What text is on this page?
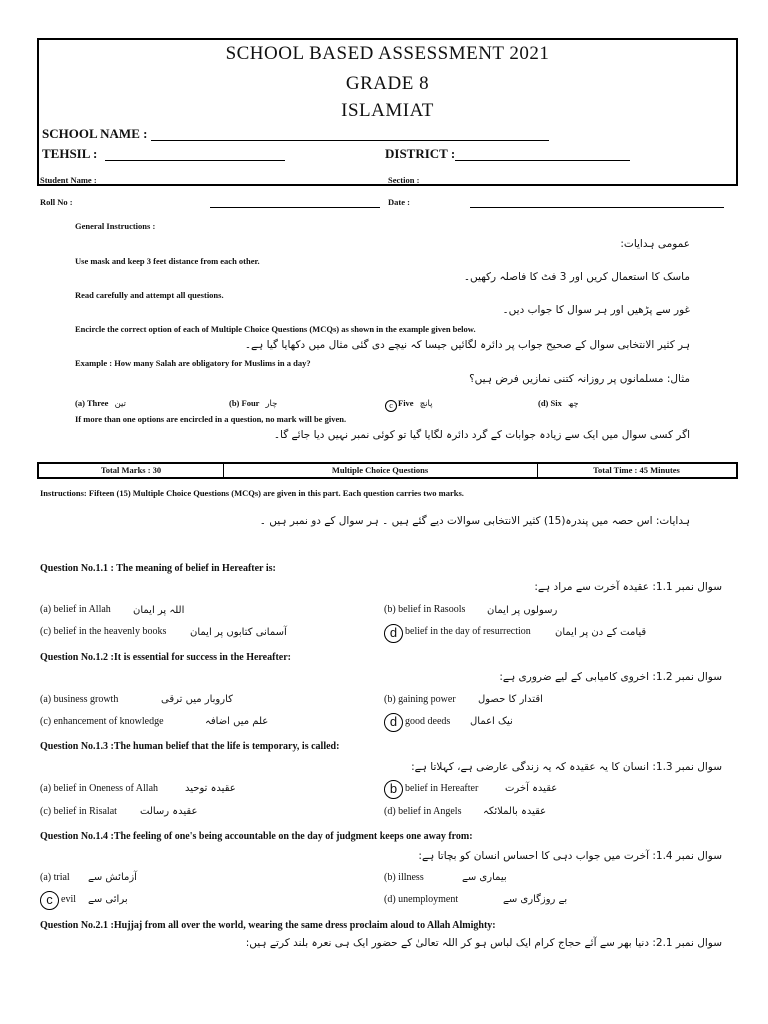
SCHOOL BASED ASSESSMENT 2021
GRADE 8
ISLAMIAT
SCHOOL NAME :
TEHSIL :	DISTRICT :
Student Name :	Section :
Roll No :	Date :
General Instructions :
عمومی ہدایات:
Use mask and keep 3 feet distance from each other.
ماسک کا استعمال کریں اور 3 فٹ کا فاصلہ رکھیں۔
Read carefully and attempt all questions.
غور سے پڑھیں اور ہر سوال کا جواب دیں۔
Encircle the correct option of each of Multiple Choice Questions (MCQs) as shown in the example given below.
ہر کثیر الانتخابی سوال کے صحیح جواب پر دائرہ لگائیں جیسا کہ نیچے دی گئی مثال میں دکھایا گیا ہے۔
Example : How many Salah are obligatory for Muslims in a day?
مثال: مسلمانوں پر روزانہ کتنی نمازیں فرض ہیں؟
(a) Three تین	(b) Four چار	c Five پانچ	(d) Six چھ
If more than one options are encircled in a question, no mark will be given.
اگر کسی سوال میں ایک سے زیادہ جوابات کے گرد دائرہ لگایا گیا تو کوئی نمبر نہیں دیا جائے گا۔
Total Marks : 30	Multiple Choice Questions	Total Time : 45 Minutes
Instructions: Fifteen (15) Multiple Choice Questions (MCQs) are given in this part. Each question carries two marks.
ہدایات: اس حصہ میں پندرہ(15) کثیر الانتخابی سوالات دیے گئے ہیں ۔ ہر سوال کے دو نمبر ہیں ۔
Question No.1.1 : The meaning of belief in Hereafter is:
سوال نمبر 1.1: عقیدہ آخرت سے مراد ہے:
(a) belief in Allah اللہ پر ایمان	(b) belief in Rasools رسولوں پر ایمان
(c) belief in the heavenly books آسمانی کتابوں پر ایمان	d belief in the day of resurrection قیامت کے دن پر ایمان
Question No.1.2 :It is essential for success in the Hereafter:
سوال نمبر 1.2: اخروی کامیابی کے لیے ضروری ہے:
(a) business growth	کاروبار میں ترقی	(b) gaining power اقتدار کا حصول
(c) enhancement of knowledge	علم میں اضافہ	d good deeds نیک اعمال
Question No.1.3 :The human belief that the life is temporary, is called:
سوال نمبر 1.3: انسان کا یہ عقیدہ کہ یہ زندگی عارضی ہے، کہلاتا ہے:
(a) belief in Oneness of Allah	عقیدہ توحید	b belief in Hereafter	عقیدہ آخرت
(c) belief in Risalat عقیدہ رسالت	(d) belief in Angels عقیدہ بالملائکہ
Question No.1.4 :The feeling of one's being accountable on the day of judgment keeps one away from:
سوال نمبر 1.4: آخرت میں جواب دہی کا احساس انسان کو بچاتا ہے:
(a) trial آزمائش سے	(b) illness	بیماری سے
c evil برائی سے	(d) unemployment	بے روزگاری سے
Question No.2.1 :Hujjaj from all over the world, wearing the same dress proclaim aloud to Allah Almighty:
سوال نمبر 2.1: دنیا بھر سے آئے حجاج کرام ایک لباس ہو کر اللہ تعالیٰ کے حضور ایک ہی نعرہ بلند کرتے ہیں:
